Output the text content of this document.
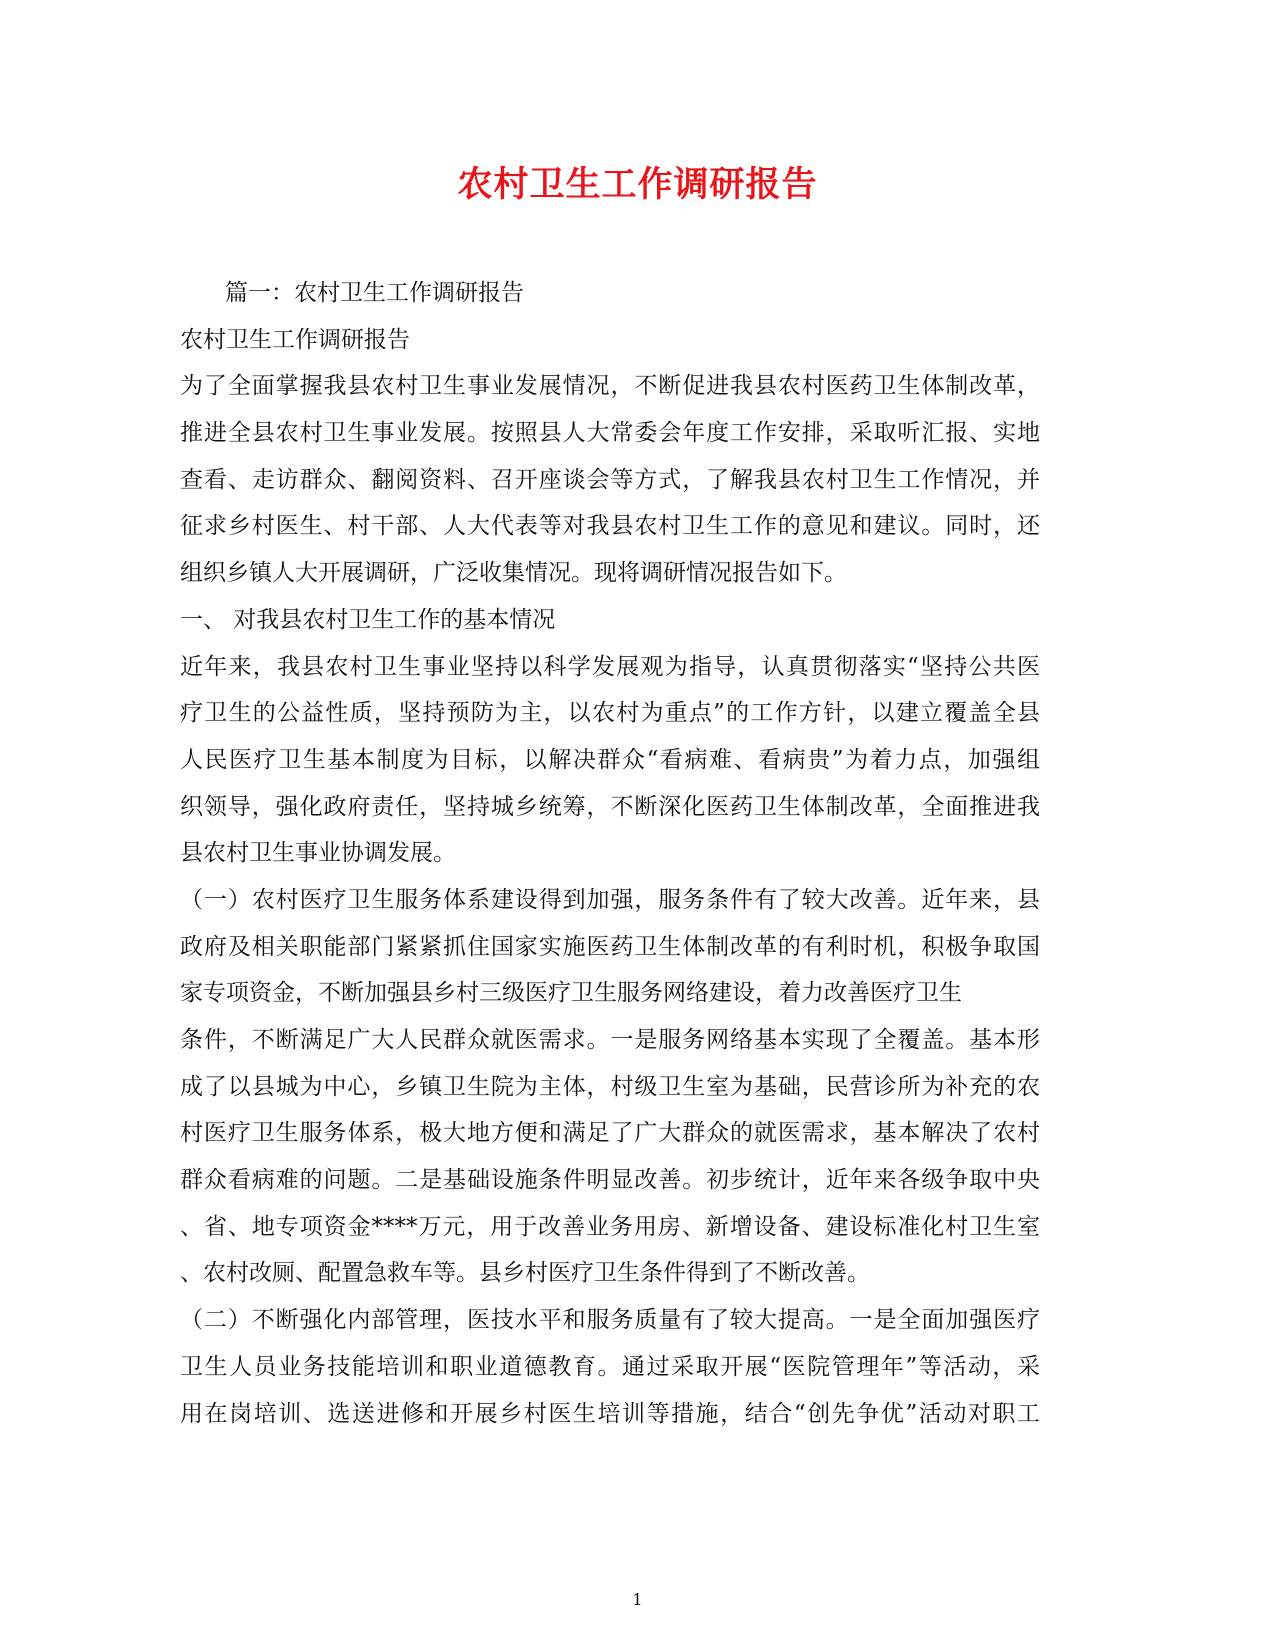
农村卫生工作调研报告
篇一：农村卫生工作调研报告
农村卫生工作调研报告
为了全面掌握我县农村卫生事业发展情况，不断促进我县农村医药卫生体制改革，
推进全县农村卫生事业发展。按照县人大常委会年度工作安排，采取听汇报、实地
查看、走访群众、翻阅资料、召开座谈会等方式，了解我县农村卫生工作情况，并
征求乡村医生、村干部、人大代表等对我县农村卫生工作的意见和建议。同时，还
组织乡镇人大开展调研，广泛收集情况。现将调研情况报告如下。
一、 对我县农村卫生工作的基本情况
近年来，我县农村卫生事业坚持以科学发展观为指导，认真贯彻落实“坚持公共医
疗卫生的公益性质，坚持预防为主，以农村为重点”的工作方针，以建立覆盖全县
人民医疗卫生基本制度为目标，以解决群众“看病难、看病贵”为着力点，加强组
织领导，强化政府责任，坚持城乡统筹，不断深化医药卫生体制改革，全面推进我
县农村卫生事业协调发展。
（一）农村医疗卫生服务体系建设得到加强，服务条件有了较大改善。近年来，县
政府及相关职能部门紧紧抓住国家实施医药卫生体制改革的有利时机，积极争取国
家专项资金，不断加强县乡村三级医疗卫生服务网络建设，着力改善医疗卫生
条件，不断满足广大人民群众就医需求。一是服务网络基本实现了全覆盖。基本形
成了以县城为中心，乡镇卫生院为主体，村级卫生室为基础，民营诊所为补充的农
村医疗卫生服务体系，极大地方便和满足了广大群众的就医需求，基本解决了农村
群众看病难的问题。二是基础设施条件明显改善。初步统计，近年来各级争取中央
、省、地专项资金****万元，用于改善业务用房、新增设备、建设标准化村卫生室
、农村改厕、配置急救车等。县乡村医疗卫生条件得到了不断改善。
（二）不断强化内部管理，医技水平和服务质量有了较大提高。一是全面加强医疗
卫生人员业务技能培训和职业道德教育。通过采取开展“医院管理年”等活动，采
用在岗培训、选送进修和开展乡村医生培训等措施，结合“创先争优”活动对职工
1
